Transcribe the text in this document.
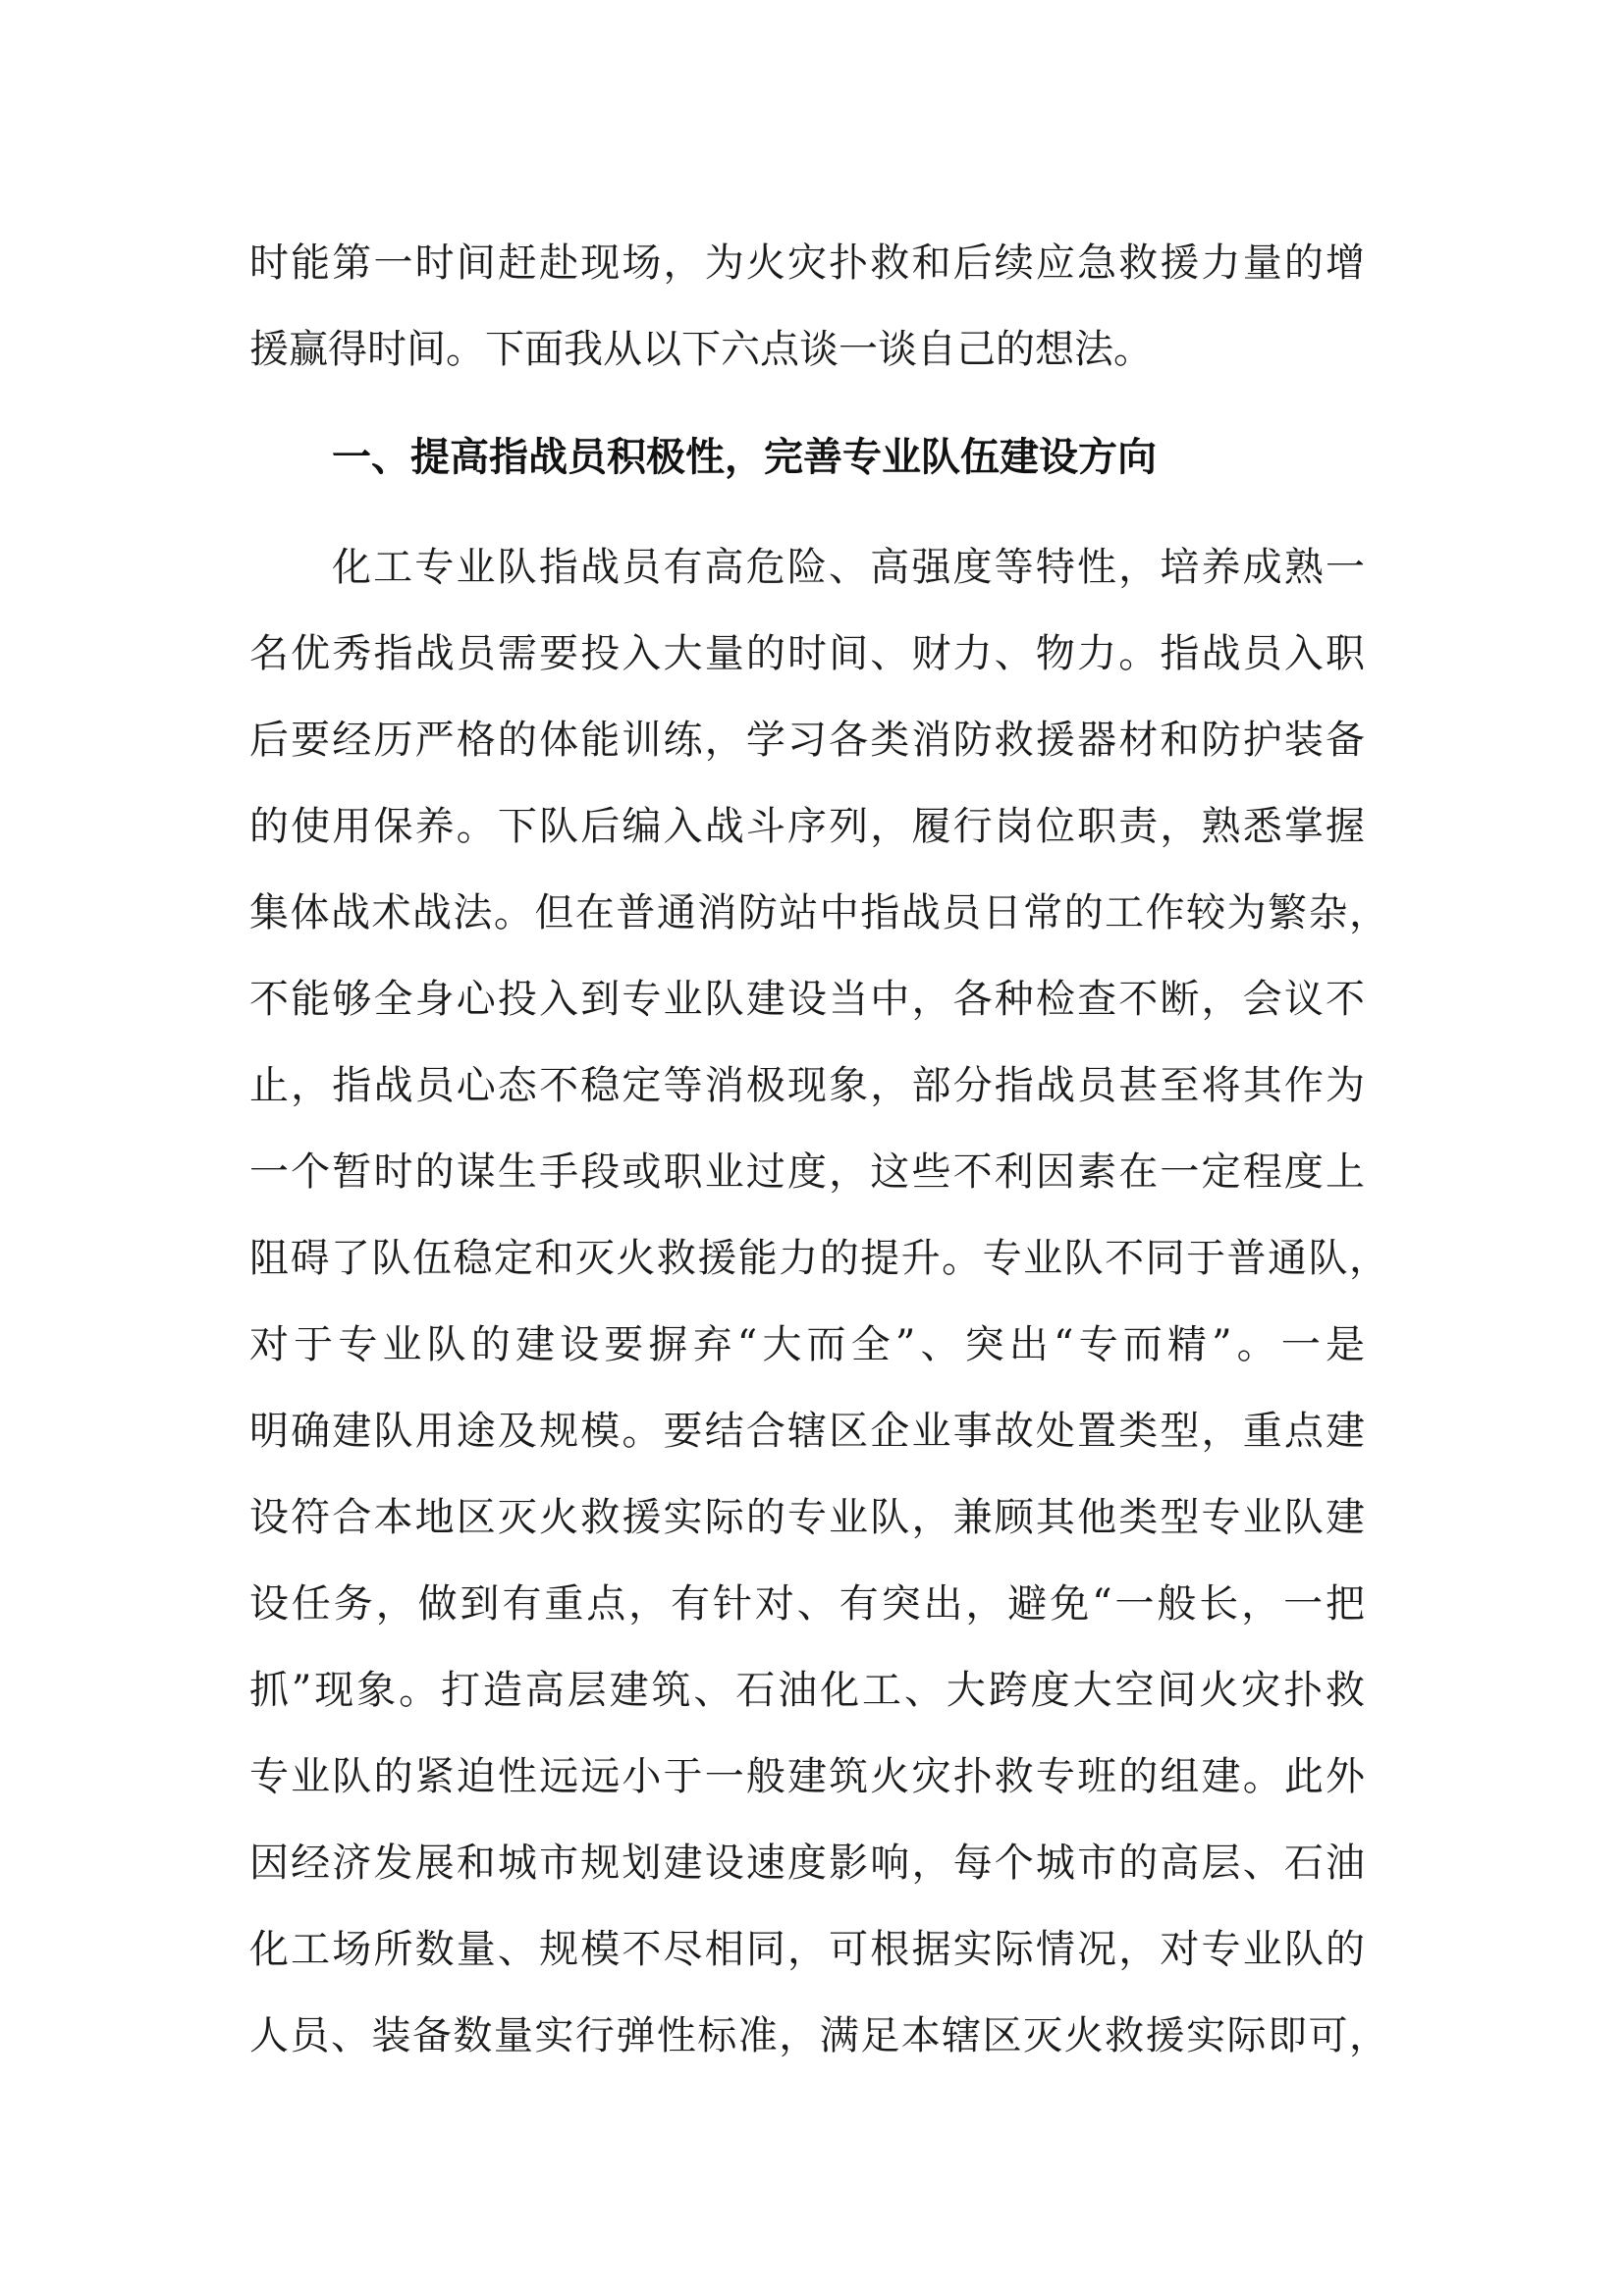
时能第一时间赶赴现场，为火灾扑救和后续应急救援力量的增
援赢得时间。下面我从以下六点谈一谈自己的想法。
一、提高指战员积极性，完善专业队伍建设方向
化工专业队指战员有高危险、高强度等特性，培养成熟一
名优秀指战员需要投入大量的时间、财力、物力。指战员入职
后要经历严格的体能训练，学习各类消防救援器材和防护装备
的使用保养。下队后编入战斗序列，履行岗位职责，熟悉掌握
集体战术战法。但在普通消防站中指战员日常的工作较为繁杂，
不能够全身心投入到专业队建设当中，各种检查不断，会议不
止，指战员心态不稳定等消极现象，部分指战员甚至将其作为
一个暂时的谋生手段或职业过度，这些不利因素在一定程度上
阻碍了队伍稳定和灭火救援能力的提升。专业队不同于普通队，
对于专业队的建设要摒弃“大而全”、突出“专而精”。一是
明确建队用途及规模。要结合辖区企业事故处置类型，重点建
设符合本地区灭火救援实际的专业队，兼顾其他类型专业队建
设任务，做到有重点，有针对、有突出，避免“一般长，一把
抓”现象。打造高层建筑、石油化工、大跨度大空间火灾扑救
专业队的紧迫性远远小于一般建筑火灾扑救专班的组建。此外
因经济发展和城市规划建设速度影响，每个城市的高层、石油
化工场所数量、规模不尽相同，可根据实际情况，对专业队的
人员、装备数量实行弹性标准，满足本辖区灭火救援实际即可，
